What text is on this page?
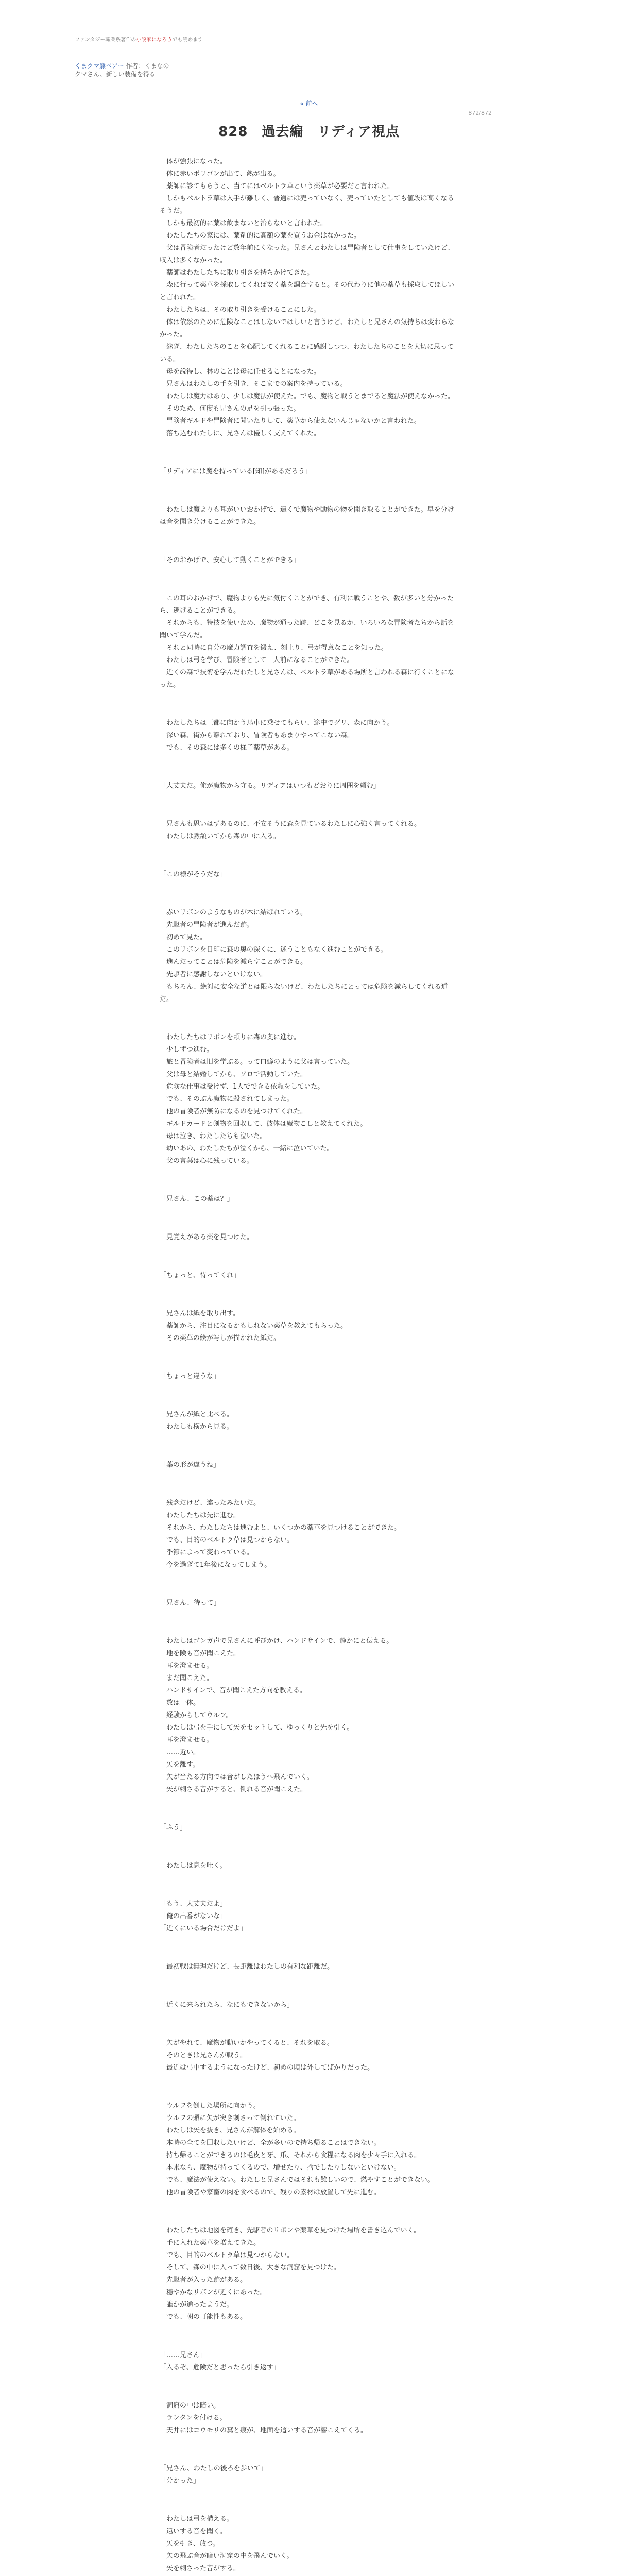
ファンタジー職業系著作の小説家になろうでも読めます
くまクマ熊ベアー 作者：くまなの
クマさん、新しい装備を得る
« 前へ
872/872
828　過去編　リディア視点

　体が強張になった。

　体に赤いポリゴンが出て、熱が出る。

　薬師に診てもらうと、当てにはベルトラ草という薬草が必要だと言われた。

　しかもベルトラ草は入手が難しく、普通には売っていなく、売っていたとしても値段は高くなるそうだ。

　しかも最初的に薬は飲まないと治らないと言われた。

　わたしたちの家には、薬剤的に高額の薬を買うお金はなかった。

　父は冒険者だったけど数年前にくなった。兄さんとわたしは冒険者として仕事をしていたけど、収入は多くなかった。

　薬師はわたしたちに取り引きを持ちかけてきた。

　森に行って薬草を採取してくれば安く薬を調合すると。その代わりに他の薬草も採取してほしいと言われた。

　わたしたちは、その取り引きを受けることにした。

　体は依然のために危険なことはしないではしいと言うけど、わたしと兄さんの気持ちは変わらなかった。

　継ぎ、わたしたちのことを心配してくれることに感謝しつつ、わたしたちのことを大切に思っている。

　母を説得し、林のことは母に任せることになった。

　兄さんはわたしの手を引き、そこまでの案内を持っている。

　わたしは魔力はあり、少しは魔法が使えた。でも、魔物と戦うとまでると魔法が使えなかった。

　そのため、何度も兄さんの足を引っ張った。

　冒険者ギルドや冒険者に聞いたりして、薬草から使えないんじゃないかと言われた。

　落ち込むわたしに、兄さんは優しく支えてくれた。

「リディアには魔を持っている[知]があるだろう」

　わたしは魔よりも耳がいいおかげで、遠くで魔物や動物の物を聞き取ることができた。早を分けは音を聞き分けることができた。

「そのおかげで、安心して動くことができる」

　この耳のおかげで、魔物よりも先に気付くことができ、有利に戦うことや、数が多いと分かったら、逃げることができる。

　それからも、特技を使いため、魔物が通った跡、どこを見るか、いろいろな冒険者たちから話を聞いて学んだ。

　それと同時に自分の魔力調査を鍛え、刻上り、弓が得意なことを知った。

　わたしは弓を学び、冒険者として一人前になることができた。

　近くの森で技術を学んだわたしと兄さんは、ベルトラ草がある場所と言われる森に行くことになった。

　わたしたちは王都に向かう馬車に乗せてもらい、途中でグリ、森に向かう。

　深い森、街から離れており、冒険者もあまりやってこない森。

　でも、その森には多くの様子薬草がある。

「大丈夫だ。俺が魔物から守る。リディアはいつもどおりに周囲を頼む」

　兄さんも思いはずあるのに、不安そうに森を見ているわたしに心強く言ってくれる。

　わたしは黙頷いてから森の中に入る。

「この様がそうだな」

　赤いリボンのようなものが木に結ばれている。

　先駆者の冒険者が進んだ跡。

　初めて見た。

　このリボンを目印に森の奥の深くに、迷うこともなく進むことができる。

　進んだってことは危険を減らすことができる。

　先駆者に感謝しないといけない。

　もちろん、絶対に安全な道とは限らないけど、わたしたちにとっては危険を減らしてくれる道だ。

　わたしたちはリボンを頼りに森の奥に進む。

　少しずつ進む。

　旅と冒険者は旧を学ぶる。って口癖のように父は言っていた。

　父は母と結婚してから、ソロで活動していた。

　危険な仕事は受けず、1人でできる依頼をしていた。

　でも、そのぶん魔物に殺されてしまった。

　他の冒険者が無防になるのを見つけてくれた。

　ギルドカードと剣物を回収して、彼体は魔物こしと教えてくれた。

　母は泣き、わたしたちも泣いた。

　幼いあの、わたしたちが泣くから、一緒に泣いていた。

　父の言葉は心に残っている。

「兄さん、この薬は？」

　見覚えがある薬を見つけた。

「ちょっと、待ってくれ」

　兄さんは紙を取り出す。

　薬師から、注目になるかもしれない薬草を教えてもらった。

　その薬草の絵が写しが描かれた紙だ。

「ちょっと違うな」

　兄さんが紙と比べる。

　わたしも横から見る。

「葉の形が違うね」

　残念だけど、違ったみたいだ。

　わたしたちは先に進む。

　それから、わたしたちは進むよと、いくつかの薬草を見つけることができた。

　でも、目的のベルトラ草は見つからない。

　季節によって変わっている。

　今を過ぎて1年後になってしまう。

「兄さん、待って」

　わたしはゴンガ声で兄さんに呼びかけ、ハンドサインで、静かにと伝える。

　地を険も音が聞こえた。

　耳を澄ませる。

　まだ聞こえた。

　ハンドサインで、音が聞こえた方向を教える。

　数は一体。

　経験からしてウルフ。

　わたしは弓を手にして矢をセットして、ゆっくりと先を引く。

　耳を澄ませる。

　……近い。

　矢を離す。

　矢が当たる方向では音がしたほうへ飛んでいく。

　矢が刺さる音がすると、倒れる音が聞こえた。

「ふう」

　わたしは息を吐く。

「もう、大丈夫だよ」

「俺の出番がないな」

「近くにいる場合だけだよ」

　最初戦は無理だけど、長距離はわたしの有利な距離だ。

「近くに来られたら、なにもできないから」

　矢がやれて、魔物が動いかやってくると、それを取る。

　そのときは兄さんが戦う。

　最近は弓中するようになったけど、初めの頃は外してばかりだった。

　ウルフを倒した場所に向かう。

　ウルフの頭に矢が突き刺さって倒れていた。

　わたしは矢を抜き、兄さんが解体を始める。

　本時の全てを回収したいけど、全が多いので持ち帰ることはできない。

　持ち帰ることができるのは毛皮と牙、爪、それから食糧になる肉を少々手に入れる。

　本来なら、魔物が持ってくるので、増せたり、捨でしたりしないといけない。

　でも、魔法が使えない。わたしと兄さんではそれも難しいので、燃やすことができない。

　他の冒険者や家畜の肉を食べるので、残りの素材は放置して先に進む。

　わたしたちは地図を確き、先駆者のリボンや薬草を見つけた場所を書き込んでいく。

　手に入れた薬草を増えてきた。

　でも、目的のベルトラ草は見つからない。

　そして、森の中に入って数日後、大きな洞窟を見つけた。

　先駆者が入った跡がある。

　穏やかなリボンが近くにあった。

　誰かが通ったようだ。

　でも、朝の可能性もある。

「……兄さん」

「入るぞ、危険だと思ったら引き返す」

　洞窟の中は暗い。

　ランタンを付ける。

　天井にはコウモリの糞と痕が、地面を這いする音が響こえてくる。

「兄さん、わたしの後ろを歩いて」

「分かった」

　わたしは弓を構える。

　遠いする音を聞く。

　矢を引き、放つ。

　矢の飛ぶ音が暗い洞窟の中を飛んでいく。

　矢を刺さった音がする。
